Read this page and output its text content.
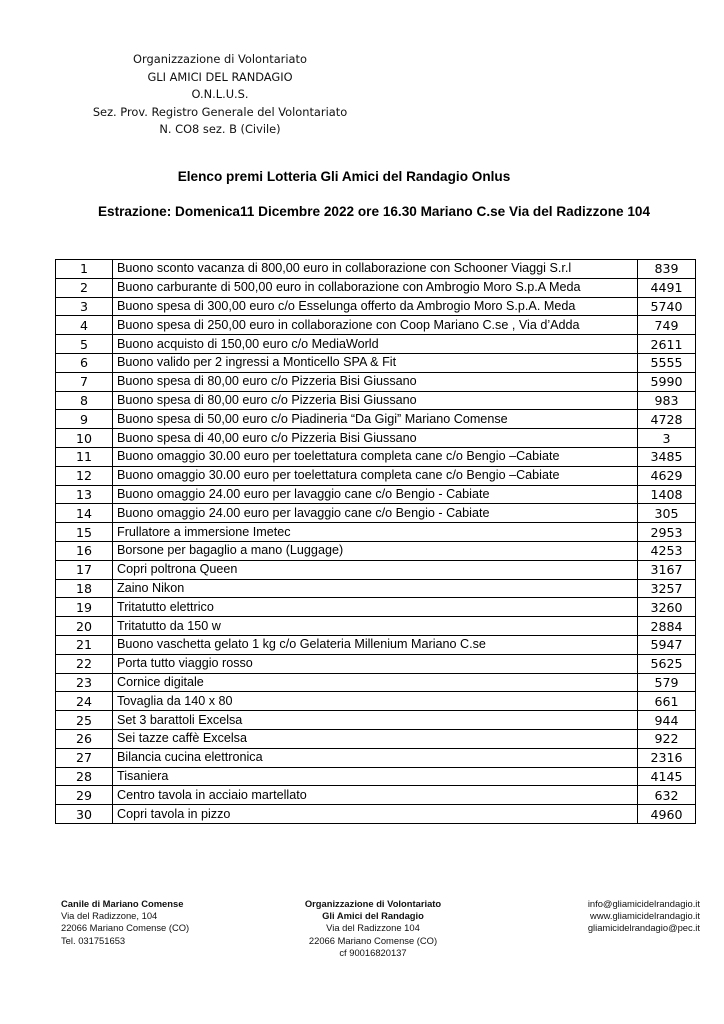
Organizzazione di Volontariato
GLI AMICI DEL RANDAGIO
O.N.L.U.S.
Sez. Prov. Registro Generale del Volontariato
N. CO8 sez. B (Civile)
Elenco premi Lotteria Gli Amici del Randagio Onlus
Estrazione: Domenica11 Dicembre 2022 ore 16.30 Mariano C.se Via del Radizzone 104
1	Buono sconto vacanza di 800,00 euro in collaborazione con Schooner Viaggi S.r.l	839
2	Buono carburante di 500,00 euro in collaborazione con Ambrogio Moro S.p.A Meda	4491
3	Buono spesa di 300,00 euro c/o Esselunga offerto da Ambrogio Moro S.p.A. Meda	5740
4	Buono spesa di 250,00 euro in collaborazione con Coop Mariano C.se , Via d’Adda	749
5	Buono acquisto di 150,00 euro c/o MediaWorld	2611
6	Buono valido per 2 ingressi a Monticello SPA & Fit	5555
7	Buono spesa di 80,00 euro c/o Pizzeria Bisi Giussano	5990
8	Buono spesa di 80,00 euro c/o Pizzeria Bisi Giussano	983
9	Buono spesa di 50,00 euro c/o Piadineria “Da Gigi” Mariano Comense	4728
10	Buono spesa di 40,00 euro c/o Pizzeria Bisi Giussano	3
11	Buono omaggio 30.00 euro per toelettatura completa cane c/o Bengio –Cabiate	3485
12	Buono omaggio 30.00 euro per toelettatura completa cane c/o Bengio –Cabiate	4629
13	Buono omaggio 24.00 euro per lavaggio cane c/o Bengio - Cabiate	1408
14	Buono omaggio 24.00 euro per lavaggio cane c/o Bengio - Cabiate	305
15	Frullatore a immersione Imetec	2953
16	Borsone per bagaglio a mano (Luggage)	4253
17	Copri poltrona Queen	3167
18	Zaino Nikon	3257
19	Tritatutto elettrico	3260
20	Tritatutto da 150 w	2884
21	Buono vaschetta gelato 1 kg c/o Gelateria Millenium Mariano C.se	5947
22	Porta tutto viaggio rosso	5625
23	Cornice digitale	579
24	Tovaglia da 140 x 80	661
25	Set 3 barattoli Excelsa	944
26	Sei tazze caffè Excelsa	922
27	Bilancia cucina elettronica	2316
28	Tisaniera	4145
29	Centro tavola in acciaio martellato	632
30	Copri tavola in pizzo	4960
Canile di Mariano Comense
Via del Radizzone, 104
22066 Mariano Comense (CO)
Tel. 031751653
Organizzazione di Volontariato
Gli Amici del Randagio
Via del Radizzone 104
22066 Mariano Comense (CO)
cf 90016820137
info@gliamicidelrandagio.it
www.gliamicidelrandagio.it
gliamicidelrandagio@pec.it
